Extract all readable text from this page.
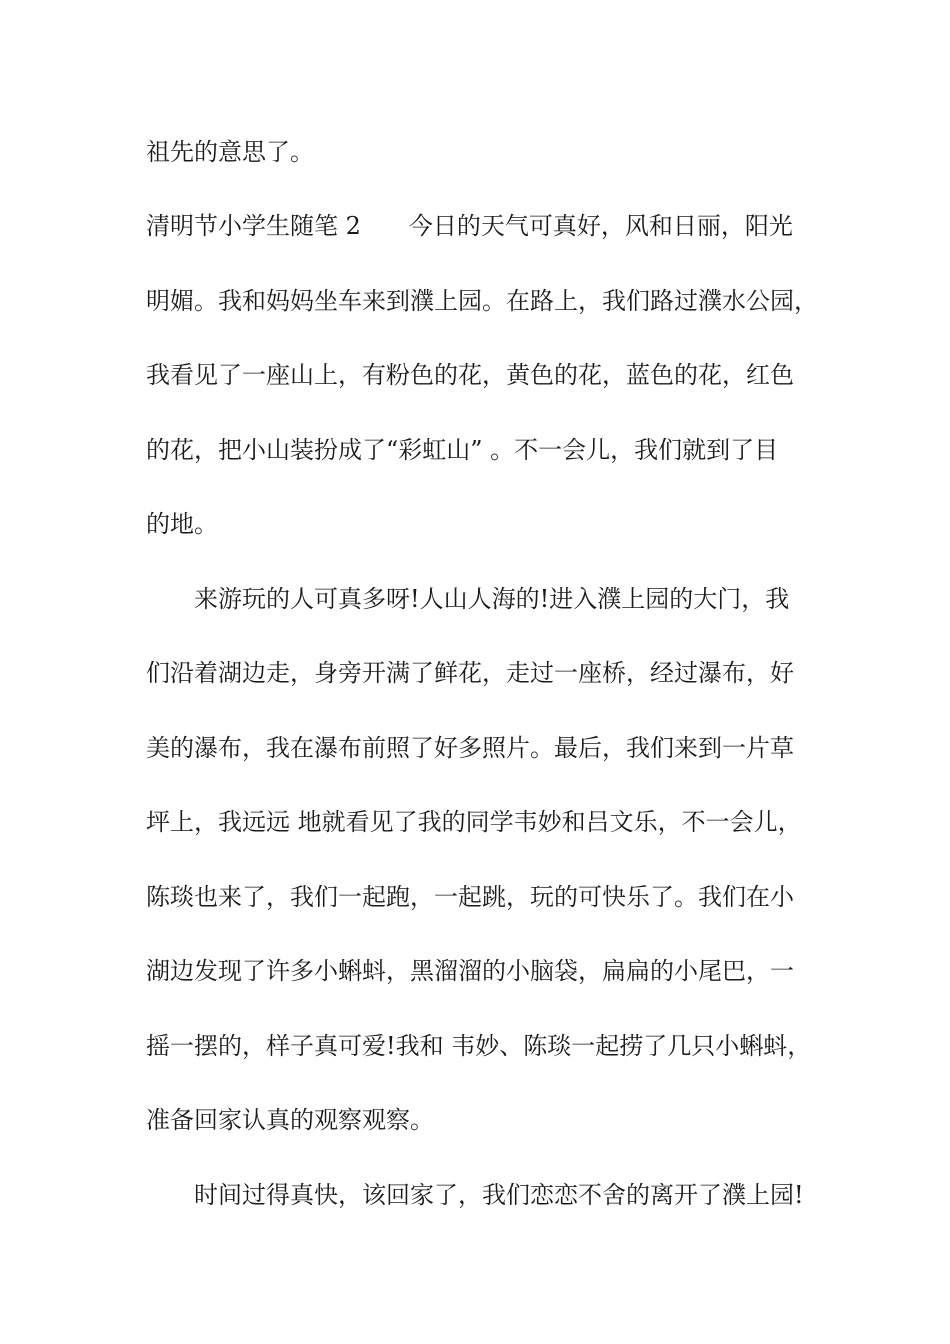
祖先的意思了。

清明节小学生随笔 2　　今日的天气可真好，风和日丽，阳光

明媚。我和妈妈坐车来到濮上园。在路上，我们路过濮水公园，

我看见了一座山上，有粉色的花，黄色的花，蓝色的花，红色

的花，把小山装扮成了“彩虹山” 。不一会儿，我们就到了目

的地。

来游玩的人可真多呀!人山人海的!进入濮上园的大门，我

们沿着湖边走，身旁开满了鲜花，走过一座桥，经过瀑布，好

美的瀑布，我在瀑布前照了好多照片。最后，我们来到一片草

坪上，我远远 地就看见了我的同学韦妙和吕文乐，不一会儿，

陈琰也来了，我们一起跑，一起跳，玩的可快乐了。我们在小

湖边发现了许多小蝌蚪，黑溜溜的小脑袋，扁扁的小尾巴，一

摇一摆的，样子真可爱!我和 韦妙、陈琰一起捞了几只小蝌蚪，

准备回家认真的观察观察。

时间过得真快，该回家了，我们恋恋不舍的离开了濮上园!
